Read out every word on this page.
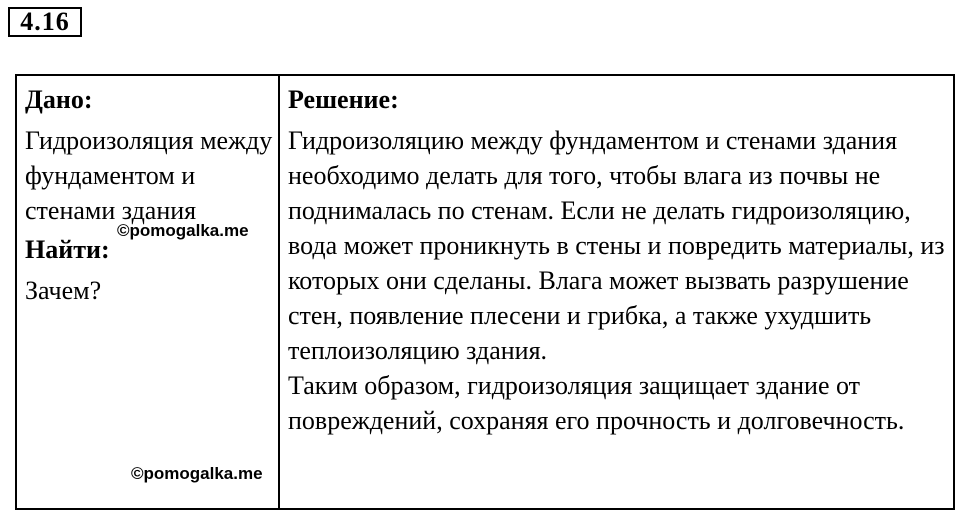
4.16
Дано:
Гидроизоляция между фундаментом и стенами здания
Найти:
Зачем?
Решение:
Гидроизоляцию между фундаментом и стенами здания необходимо делать для того, чтобы влага из почвы не поднималась по стенам. Если не делать гидроизоляцию, вода может проникнуть в стены и повредить материалы, из которых они сделаны. Влага может вызвать разрушение стен, появление плесени и грибка, а также ухудшить теплоизоляцию здания.
Таким образом, гидроизоляция защищает здание от повреждений, сохраняя его прочность и долговечность.
©pomogalka.me
©pomogalka.me
